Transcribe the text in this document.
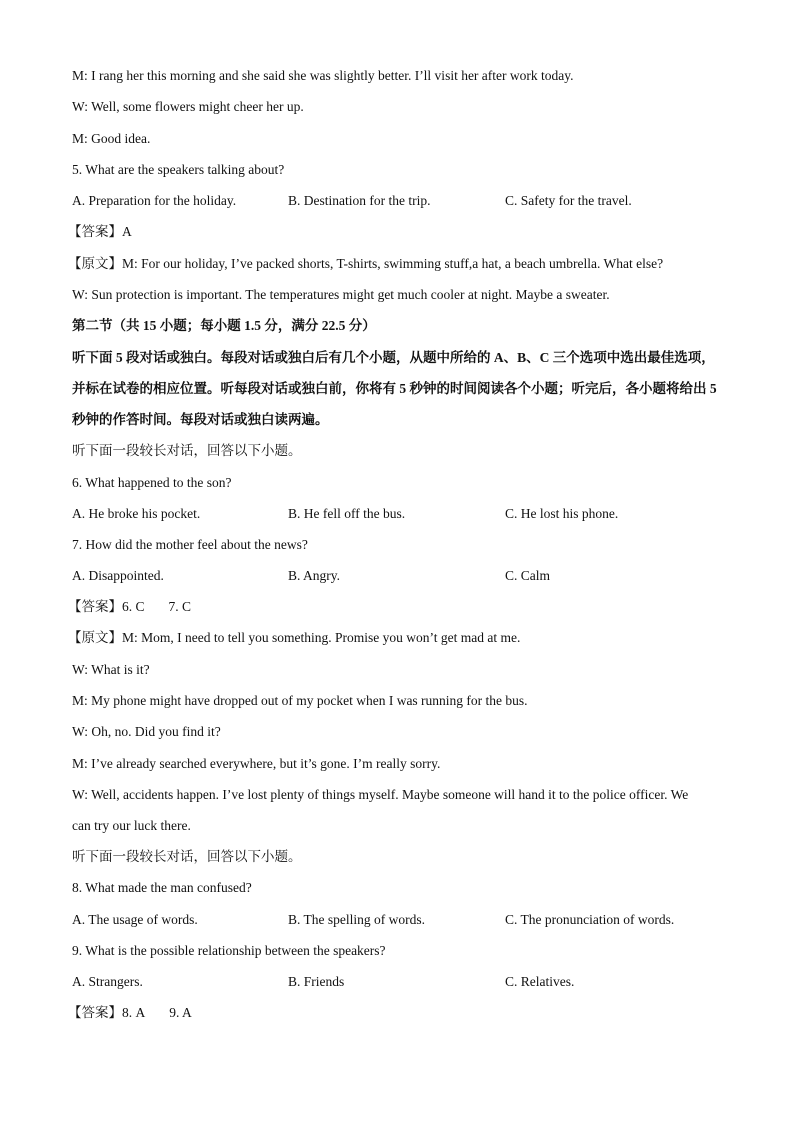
M: I rang her this morning and she said she was slightly better. I’ll visit her after work today.
W: Well, some flowers might cheer her up.
M: Good idea.
5. What are the speakers talking about?
A. Preparation for the holiday.	B. Destination for the trip.	C. Safety for the travel.
【答案】A
【原文】M: For our holiday, I’ve packed shorts, T-shirts, swimming stuff,a hat, a beach umbrella. What else?
W: Sun protection is important. The temperatures might get much cooler at night. Maybe a sweater.
第二节（共 15 小题；每小题 1.5 分，满分 22.5 分）
听下面 5 段对话或独白。每段对话或独白后有几个小题，从题中所给的 A、B、C 三个选项中选出最佳选项，并标在试卷的相应位置。听每段对话或独白前，你将有 5 秒钟的时间阅读各个小题；听完后，各小题将给出 5 秒钟的作答时间。每段对话或独白读两遍。
听下面一段较长对话，回答以下小题。
6. What happened to the son?
A. He broke his pocket.	B. He fell off the bus.	C. He lost his phone.
7. How did the mother feel about the news?
A. Disappointed.	B. Angry.	C. Calm
【答案】6. C 7. C
【原文】M: Mom, I need to tell you something. Promise you won’t get mad at me.
W: What is it?
M: My phone might have dropped out of my pocket when I was running for the bus.
W: Oh, no. Did you find it?
M: I’ve already searched everywhere, but it’s gone. I’m really sorry.
W: Well, accidents happen. I’ve lost plenty of things myself. Maybe someone will hand it to the police officer. We
can try our luck there.
听下面一段较长对话，回答以下小题。
8. What made the man confused?
A. The usage of words.	B. The spelling of words.	C. The pronunciation of words.
9. What is the possible relationship between the speakers?
A. Strangers.	B. Friends	C. Relatives.
【答案】8. A 9. A
